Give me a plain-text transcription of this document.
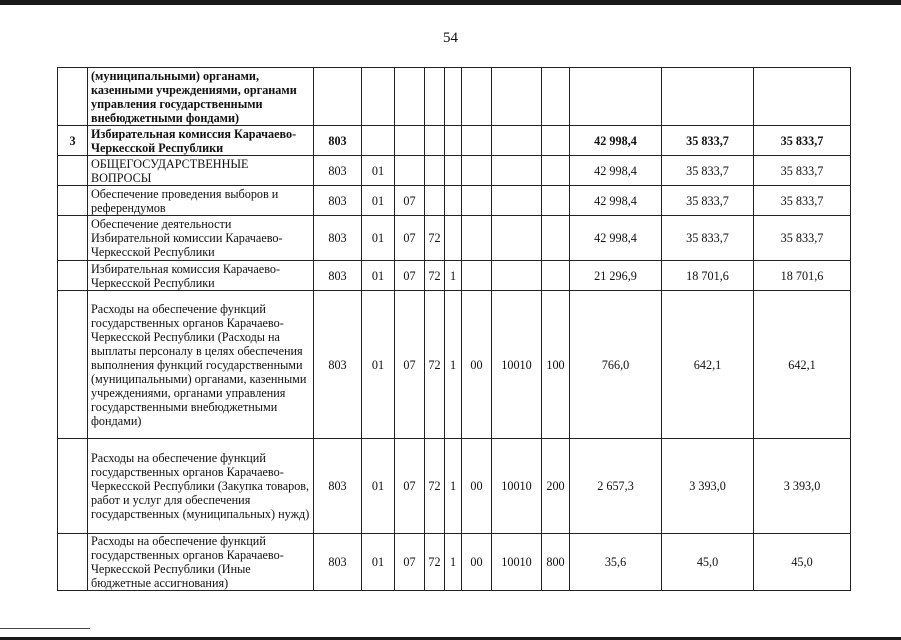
54
	(муниципальными) органами, казенными учреждениями, органами управления государственными внебюджетными фондами)											
3	Избирательная комиссия Карачаево-Черкесской Республики	803								42 998,4	35 833,7	35 833,7
	ОБЩЕГОСУДАРСТВЕННЫЕ ВОПРОСЫ	803	01							42 998,4	35 833,7	35 833,7
	Обеспечение проведения выборов и референдумов	803	01	07						42 998,4	35 833,7	35 833,7
	Обеспечение деятельности Избирательной комиссии Карачаево-Черкесской Республики	803	01	07	72					42 998,4	35 833,7	35 833,7
	Избирательная комиссия Карачаево-Черкесской Республики	803	01	07	72	1				21 296,9	18 701,6	18 701,6
	Расходы на обеспечение функций государственных органов Карачаево-Черкесской Республики (Расходы на выплаты персоналу в целях обеспечения выполнения функций государственными (муниципальными) органами, казенными учреждениями, органами управления государственными внебюджетными фондами)	803	01	07	72	1	00	10010	100	766,0	642,1	642,1
	Расходы на обеспечение функций государственных органов Карачаево-Черкесской Республики (Закупка товаров, работ и услуг для обеспечения государственных (муниципальных) нужд)	803	01	07	72	1	00	10010	200	2 657,3	3 393,0	3 393,0
	Расходы на обеспечение функций государственных органов Карачаево-Черкесской Республики (Иные бюджетные ассигнования)	803	01	07	72	1	00	10010	800	35,6	45,0	45,0
